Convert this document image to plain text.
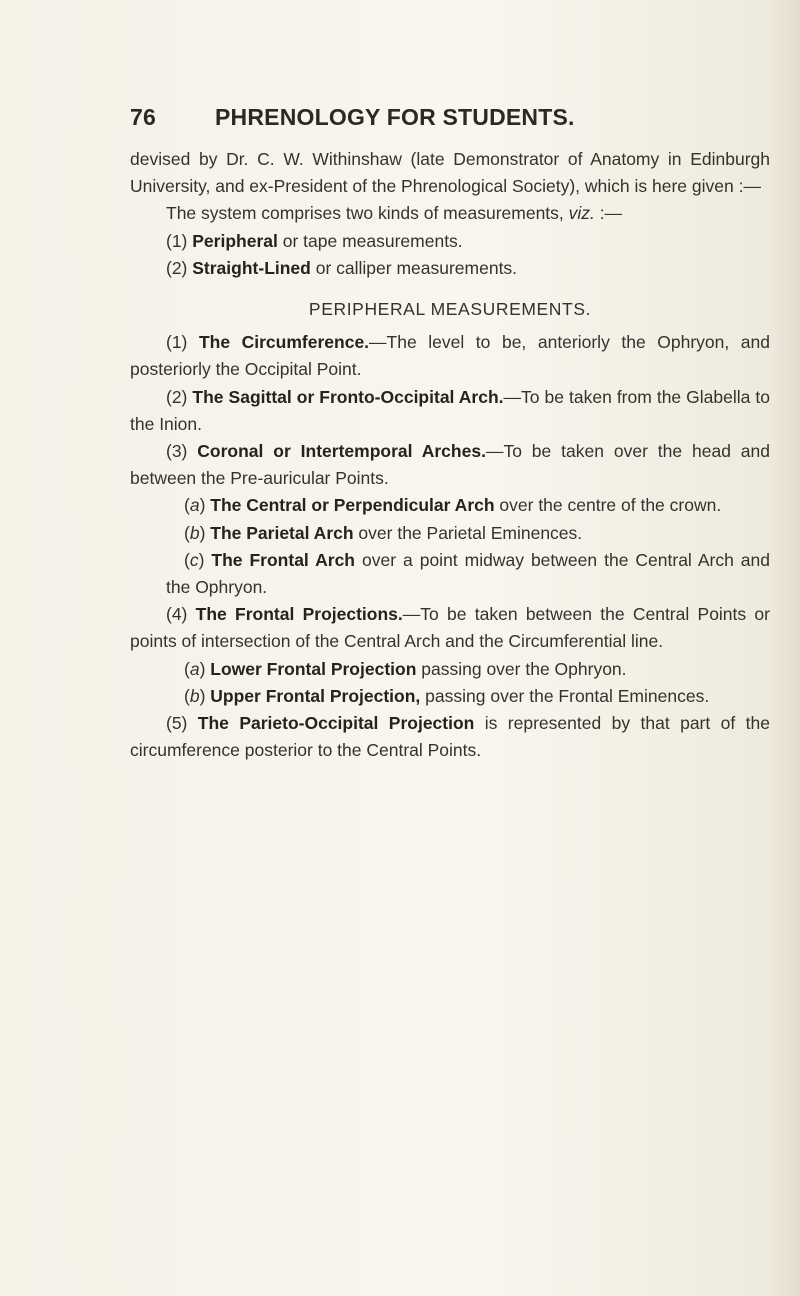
76	PHRENOLOGY FOR STUDENTS.
devised by Dr. C. W. Withinshaw (late Demonstrator of Anatomy in Edinburgh University, and ex-President of the Phrenological Society), which is here given :—
The system comprises two kinds of measurements, viz. :—
(1) Peripheral or tape measurements.
(2) Straight-Lined or calliper measurements.
PERIPHERAL MEASUREMENTS.
(1) The Circumference.—The level to be, anteriorly the Ophryon, and posteriorly the Occipital Point.
(2) The Sagittal or Fronto-Occipital Arch.—To be taken from the Glabella to the Inion.
(3) Coronal or Intertemporal Arches.—To be taken over the head and between the Pre-auricular Points.
(a) The Central or Perpendicular Arch over the centre of the crown.
(b) The Parietal Arch over the Parietal Eminences.
(c) The Frontal Arch over a point midway between the Central Arch and the Ophryon.
(4) The Frontal Projections.—To be taken between the Central Points or points of intersection of the Central Arch and the Circumferential line.
(a) Lower Frontal Projection passing over the Ophryon.
(b) Upper Frontal Projection, passing over the Frontal Eminences.
(5) The Parieto-Occipital Projection is represented by that part of the circumference posterior to the Central Points.
